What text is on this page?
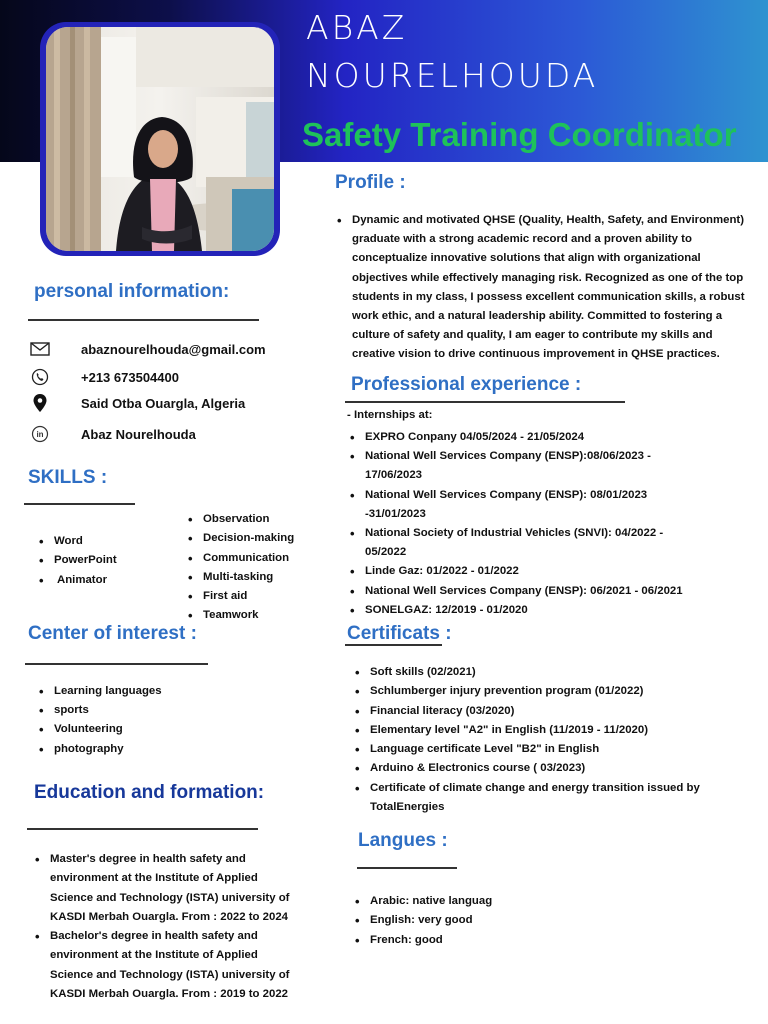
ABAZ
NOURELHOUDA
Safety Training Coordinator
personal information:
abaznourelhouda@gmail.com
+213 673504400
Said Otba Ouargla, Algeria
in	Abaz Nourelhouda
SKILLS :
• Word
• PowerPoint
• Animator
• Observation
• Decision-making
• Communication
• Multi-tasking
• First aid
• Teamwork
Center of interest :
• Learning languages
• sports
• Volunteering
• photography
Education and formation:
• Master's degree in health safety and
environment at the Institute of Applied
Science and Technology (ISTA) university of
KASDI Merbah Ouargla. From : 2022 to 2024
• Bachelor's degree in health safety and
environment at the Institute of Applied
Science and Technology (ISTA) university of
KASDI Merbah Ouargla. From : 2019 to 2022
Profile :
• Dynamic and motivated QHSE (Quality, Health, Safety, and Environment)
graduate with a strong academic record and a proven ability to
conceptualize innovative solutions that align with organizational
objectives while effectively managing risk. Recognized as one of the top
students in my class, I possess excellent communication skills, a robust
work ethic, and a natural leadership ability. Committed to fostering a
culture of safety and quality, I am eager to contribute my skills and
creative vision to drive continuous improvement in QHSE practices.

Professional experience :
- Internships at:
• EXPRO Conpany 04/05/2024 - 21/05/2024
• National Well Services Company (ENSP):08/06/2023 -
17/06/2023
• National Well Services Company (ENSP): 08/01/2023
-31/01/2023
• National Society of Industrial Vehicles (SNVI): 04/2022 -
05/2022
• Linde Gaz: 01/2022 - 01/2022
• National Well Services Company (ENSP): 06/2021 - 06/2021
• SONELGAZ: 12/2019 - 01/2020
Certificats :
• Soft skills (02/2021)
• Schlumberger injury prevention program (01/2022)
• Financial literacy (03/2020)
• Elementary level "A2" in English (11/2019 - 11/2020)
• Language certificate Level "B2" in English
• Arduino & Electronics course ( 03/2023)
• Certificate of climate change and energy transition issued by
TotalEnergies
Langues :
• Arabic: native languag
• English: very good
• French: good
